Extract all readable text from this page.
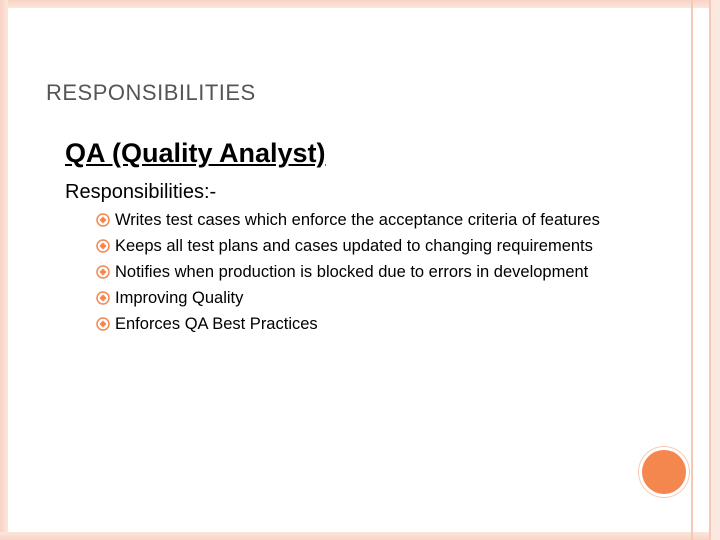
RESPONSIBILITIES
QA (Quality Analyst)
Responsibilities:-
Writes test cases which enforce the acceptance criteria of features
Keeps all test plans and cases updated to changing requirements
Notifies when production is blocked due to errors in development
Improving Quality
Enforces QA Best Practices
